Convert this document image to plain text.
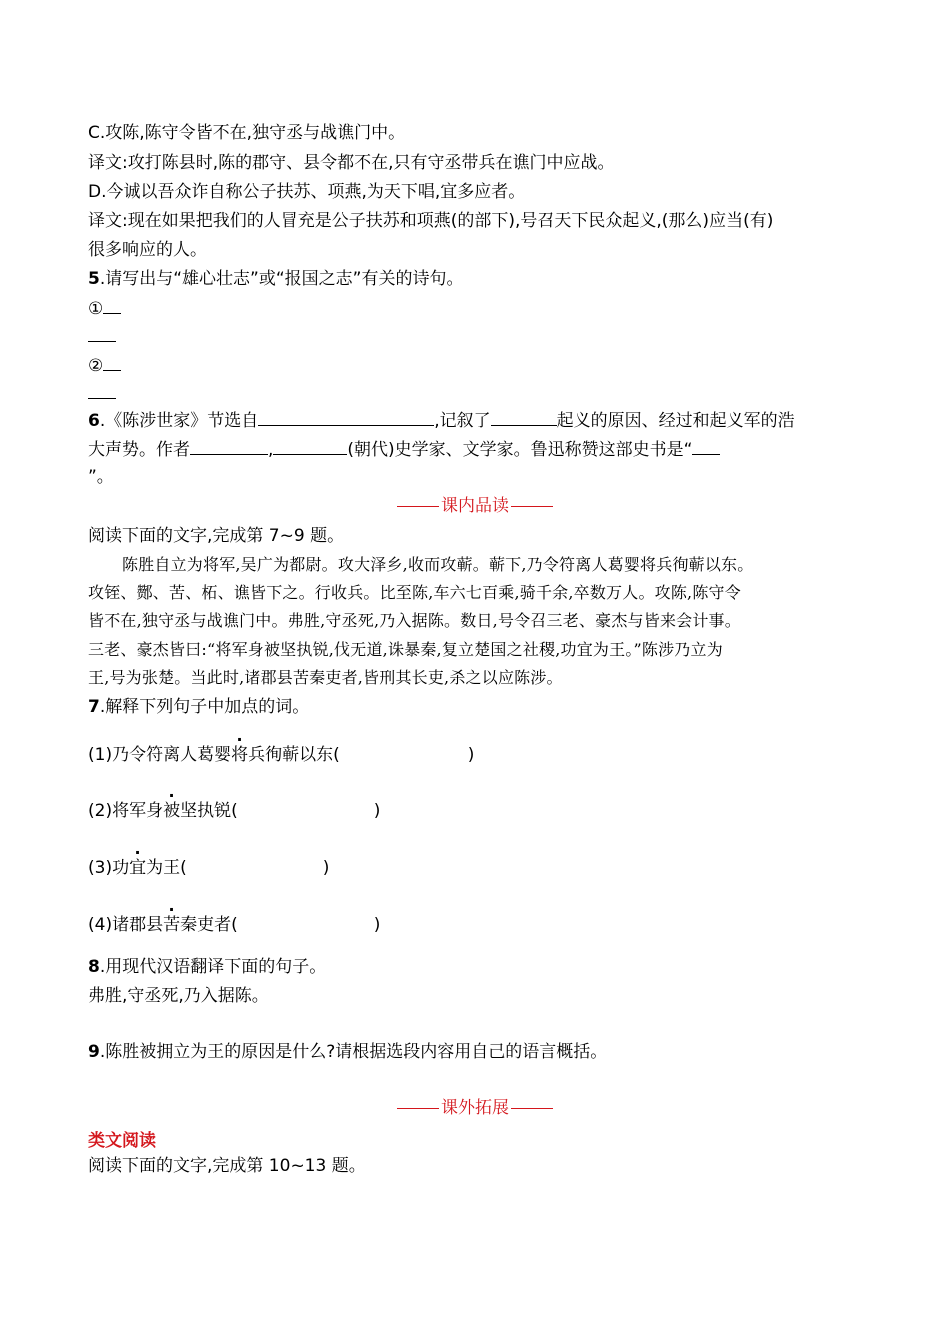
C.攻陈,陈守令皆不在,独守丞与战谯门中。
译文:攻打陈县时,陈的郡守、县令都不在,只有守丞带兵在谯门中应战。
D.今诚以吾众诈自称公子扶苏、项燕,为天下唱,宜多应者。
译文:现在如果把我们的人冒充是公子扶苏和项燕(的部下),号召天下民众起义,(那么)应当(有)
很多响应的人。
5.请写出与“雄心壮志”或“报国之志”有关的诗句。
①
②
6.《陈涉世家》节选自	,记叙了	起义的原因、经过和起义军的浩
大声势。作者	,	(朝代)史学家、文学家。鲁迅称赞这部史书是“
”。
课内品读
阅读下面的文字,完成第 7~9 题。
陈胜自立为将军,吴广为都尉。攻大泽乡,收而攻蕲。蕲下,乃令符离人葛婴将兵徇蕲以东。
攻铚、酂、苦、柘、谯皆下之。行收兵。比至陈,车六七百乘,骑千余,卒数万人。攻陈,陈守令
皆不在,独守丞与战谯门中。弗胜,守丞死,乃入据陈。数日,号令召三老、豪杰与皆来会计事。
三老、豪杰皆曰:“将军身被坚执锐,伐无道,诛暴秦,复立楚国之社稷,功宜为王。”陈涉乃立为
王,号为张楚。当此时,诸郡县苦秦吏者,皆刑其长吏,杀之以应陈涉。
7.解释下列句子中加点的词。
(1)乃令符离人葛婴将兵徇蕲以东(	)
(2)将军身被坚执锐(	)
(3)功宜为王(	)
(4)诸郡县苦秦吏者(	)
8.用现代汉语翻译下面的句子。
弗胜,守丞死,乃入据陈。
9.陈胜被拥立为王的原因是什么?请根据选段内容用自己的语言概括。
课外拓展
类文阅读
阅读下面的文字,完成第 10~13 题。
